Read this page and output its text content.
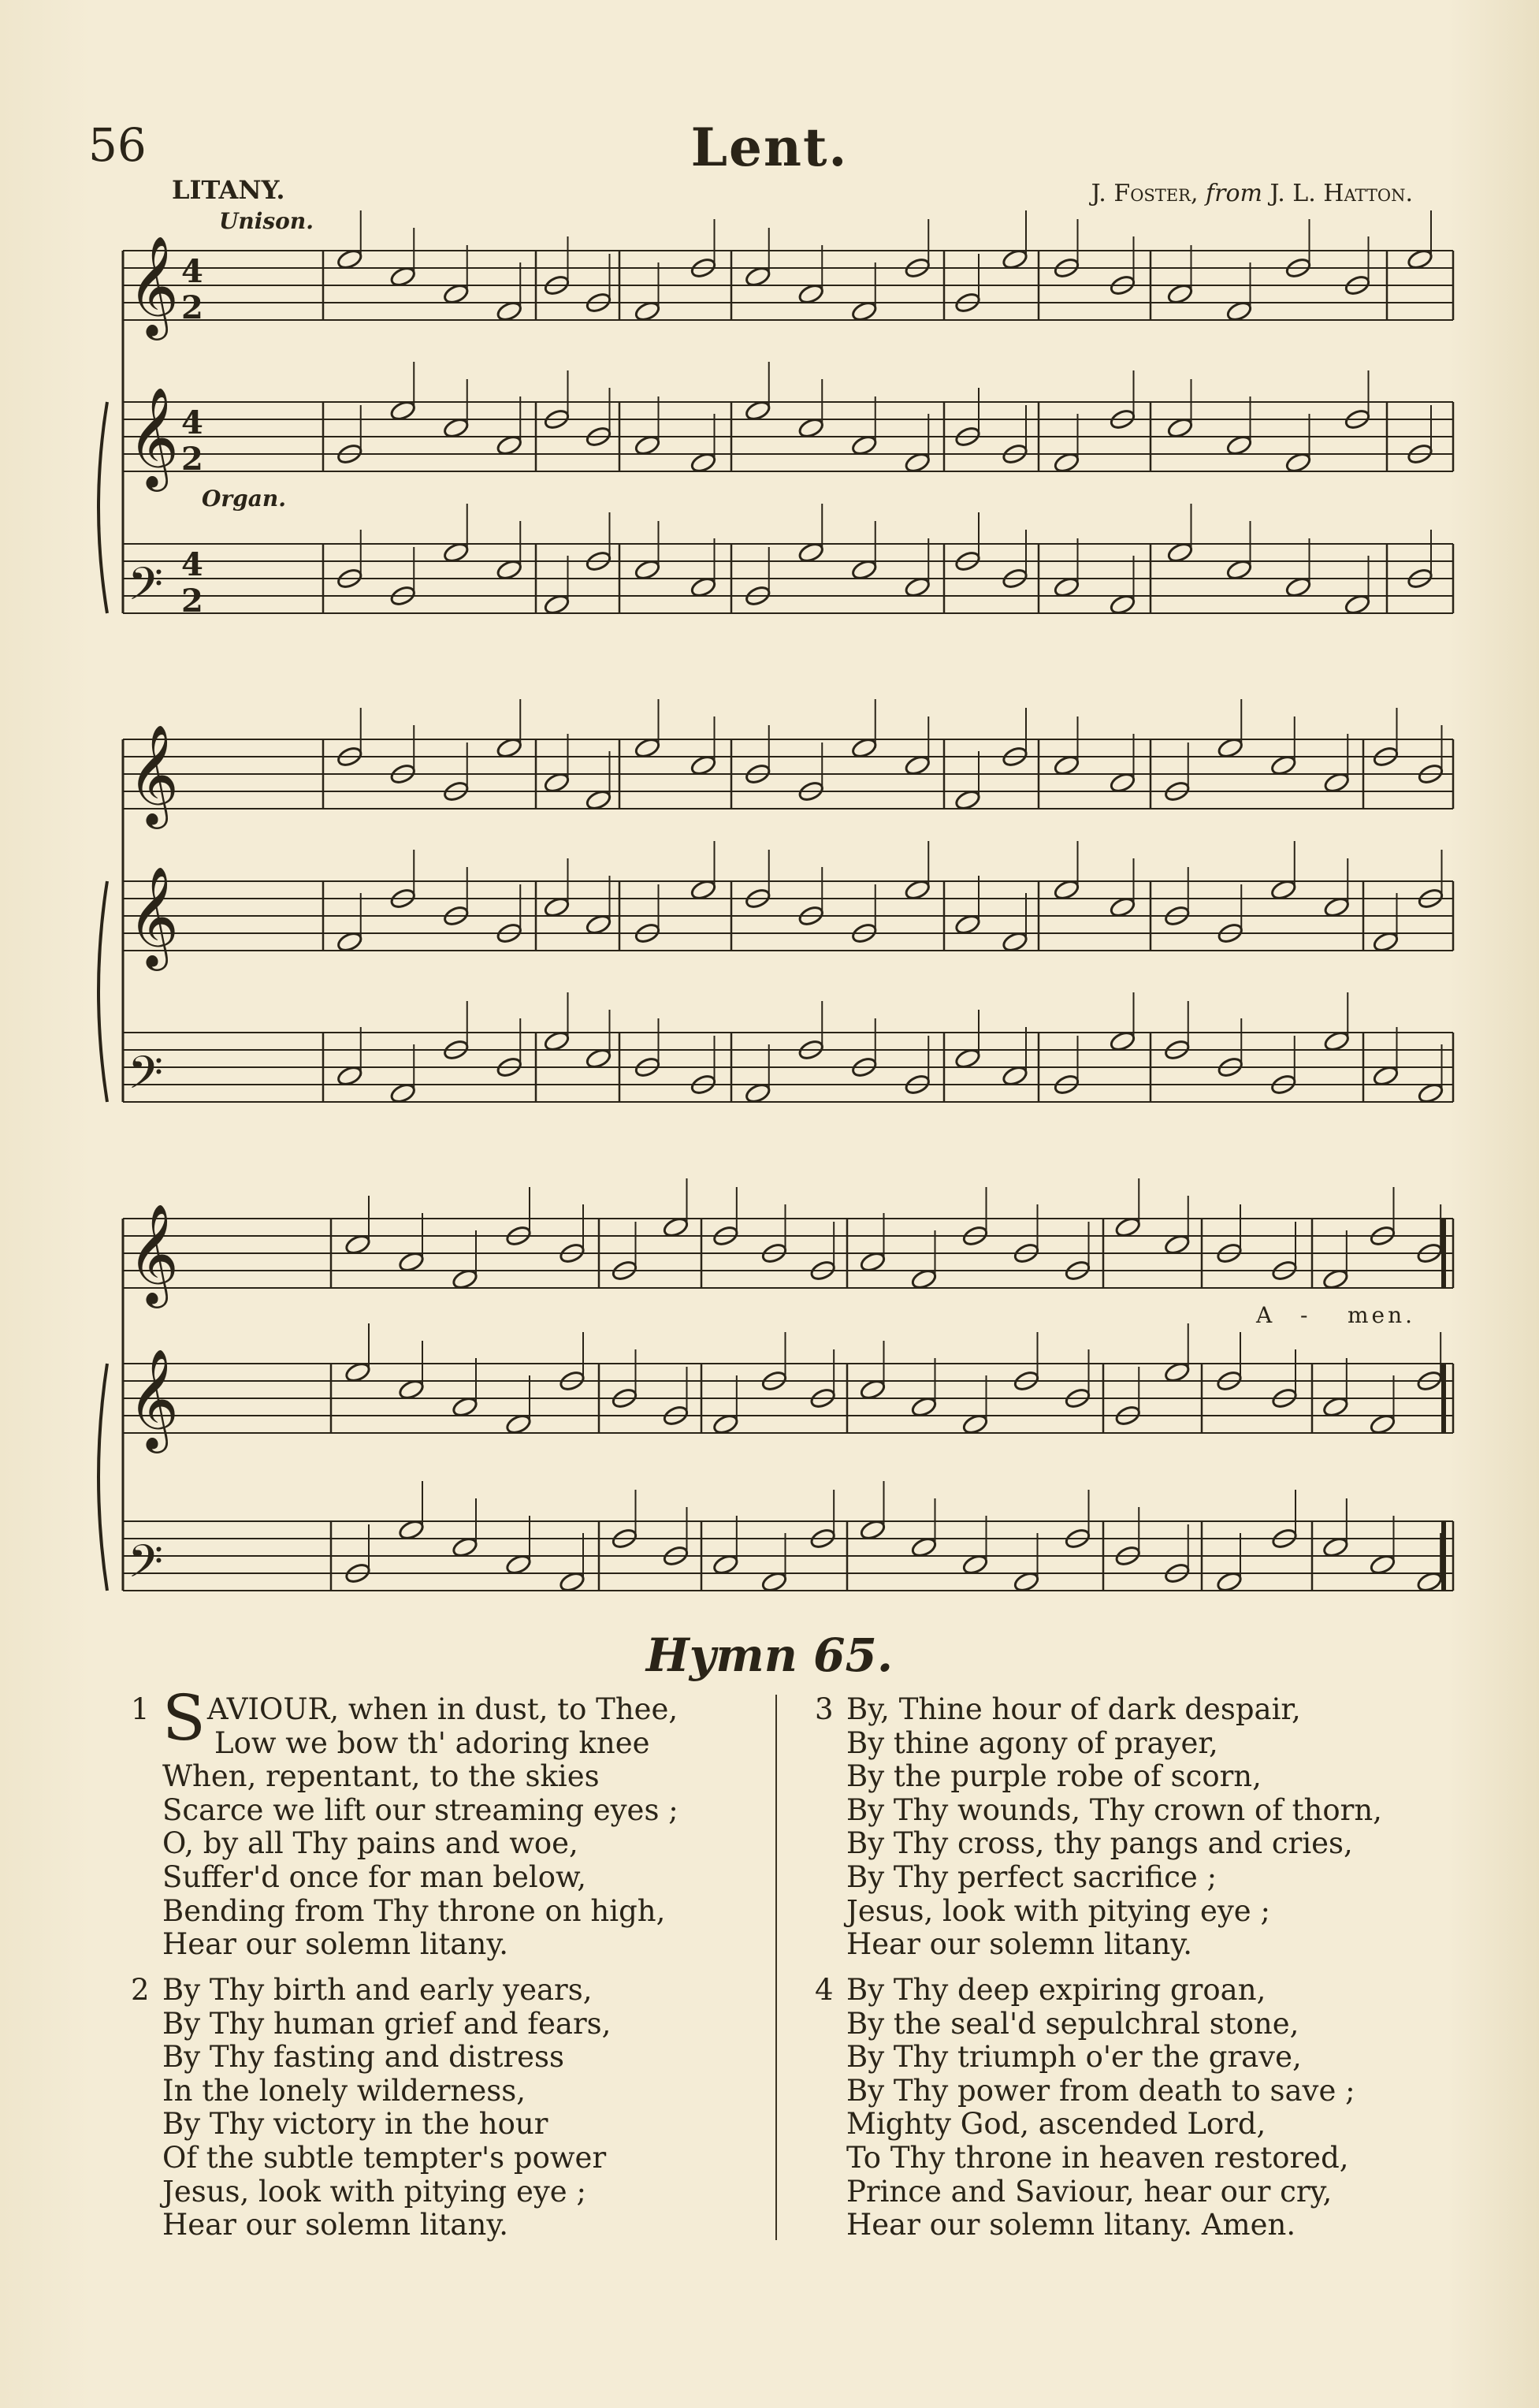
56	Lent.
LITANY.	J. Foster, from J. L. Hatton.
Unison.
Organ.
A - men.
𝄞 4
2
𝄞 4
2
𝄢 4
2
𝄞
𝄞
𝄢
𝄞
𝄞
𝄢
Hymn 65.
1 SAVIOUR, when in dust, to Thee,
Low we bow th' adoring knee
When, repentant, to the skies
Scarce we lift our streaming eyes ;
O, by all Thy pains and woe,
Suffer'd once for man below,
Bending from Thy throne on high,
Hear our solemn litany.
2 By Thy birth and early years,
By Thy human grief and fears,
By Thy fasting and distress
In the lonely wilderness,
By Thy victory in the hour
Of the subtle tempter's power
Jesus, look with pitying eye ;
Hear our solemn litany.
3 By, Thine hour of dark despair,
By thine agony of prayer,
By the purple robe of scorn,
By Thy wounds, Thy crown of thorn,
By Thy cross, thy pangs and cries,
By Thy perfect sacrifice ;
Jesus, look with pitying eye ;
Hear our solemn litany.
4 By Thy deep expiring groan,
By the seal'd sepulchral stone,
By Thy triumph o'er the grave,
By Thy power from death to save ;
Mighty God, ascended Lord,
To Thy throne in heaven restored,
Prince and Saviour, hear our cry,
Hear our solemn litany. Amen.
